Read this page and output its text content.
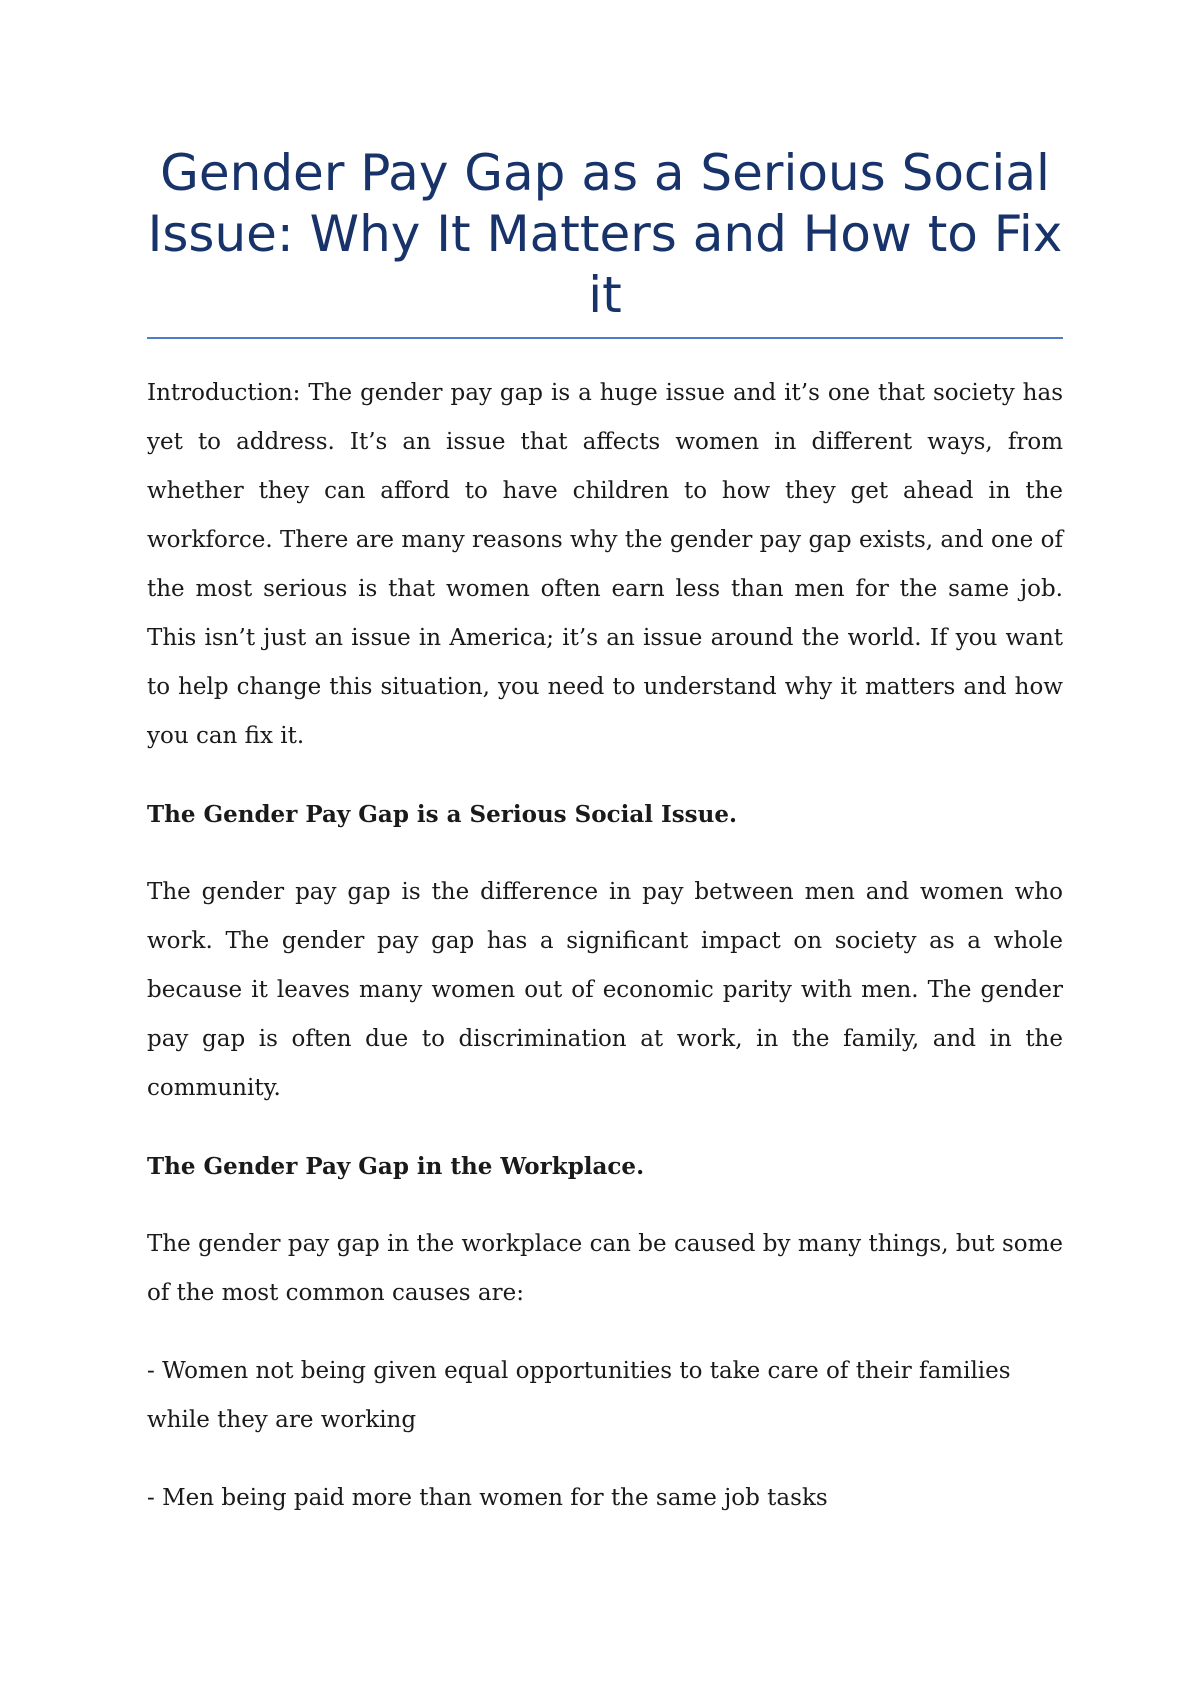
Gender Pay Gap as a Serious Social Issue: Why It Matters and How to Fix it

Introduction: The gender pay gap is a huge issue and it’s one that society has yet to address. It’s an issue that affects women in different ways, from whether they can afford to have children to how they get ahead in the workforce. There are many reasons why the gender pay gap exists, and one of the most serious is that women often earn less than men for the same job. This isn’t just an issue in America; it’s an issue around the world. If you want to help change this situation, you need to understand why it matters and how you can fix it.

The Gender Pay Gap is a Serious Social Issue.

The gender pay gap is the difference in pay between men and women who work. The gender pay gap has a significant impact on society as a whole because it leaves many women out of economic parity with men. The gender pay gap is often due to discrimination at work, in the family, and in the community.

The Gender Pay Gap in the Workplace.

The gender pay gap in the workplace can be caused by many things, but some of the most common causes are:

- Women not being given equal opportunities to take care of their families while they are working

- Men being paid more than women for the same job tasks
